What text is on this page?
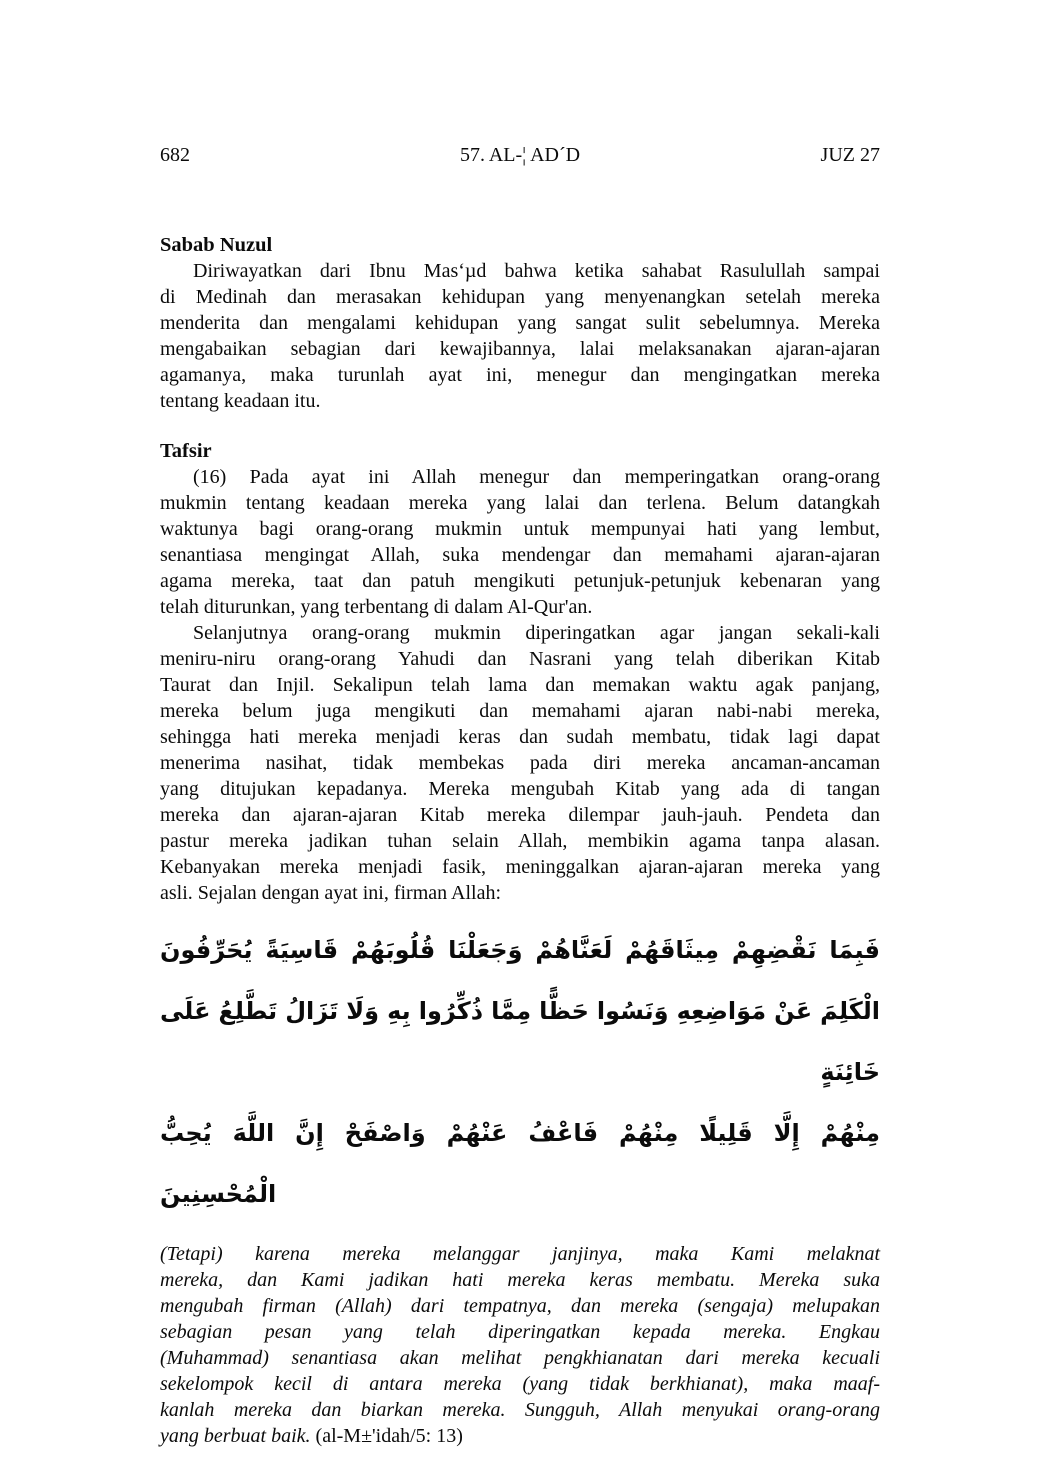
682	57. AL-¦ AD´D	JUZ 27
Sabab Nuzul
Diriwayatkan dari Ibnu Mas‘µd bahwa ketika sahabat Rasulullah sampai
di Medinah dan merasakan kehidupan yang menyenangkan setelah mereka
menderita dan mengalami kehidupan yang sangat sulit sebelumnya. Mereka
mengabaikan sebagian dari kewajibannya, lalai melaksanakan ajaran-ajaran
agamanya, maka turunlah ayat ini, menegur dan mengingatkan mereka
tentang keadaan itu.
Tafsir
(16) Pada ayat ini Allah menegur dan memperingatkan orang-orang
mukmin tentang keadaan mereka yang lalai dan terlena. Belum datangkah
waktunya bagi orang-orang mukmin untuk mempunyai hati yang lembut,
senantiasa mengingat Allah, suka mendengar dan memahami ajaran-ajaran
agama mereka, taat dan patuh mengikuti petunjuk-petunjuk kebenaran yang
telah diturunkan, yang terbentang di dalam Al-Qur'an.
Selanjutnya orang-orang mukmin diperingatkan agar jangan sekali-kali
meniru-niru orang-orang Yahudi dan Nasrani yang telah diberikan Kitab
Taurat dan Injil. Sekalipun telah lama dan memakan waktu agak panjang,
mereka belum juga mengikuti dan memahami ajaran nabi-nabi mereka,
sehingga hati mereka menjadi keras dan sudah membatu, tidak lagi dapat
menerima nasihat, tidak membekas pada diri mereka ancaman-ancaman
yang ditujukan kepadanya. Mereka mengubah Kitab yang ada di tangan
mereka dan ajaran-ajaran Kitab mereka dilempar jauh-jauh. Pendeta dan
pastur mereka jadikan tuhan selain Allah, membikin agama tanpa alasan.
Kebanyakan mereka menjadi fasik, meninggalkan ajaran-ajaran mereka yang
asli. Sejalan dengan ayat ini, firman Allah:
فَبِمَا نَقْضِهِمْ مِيثَاقَهُمْ لَعَنَّاهُمْ وَجَعَلْنَا قُلُوبَهُمْ قَاسِيَةً يُحَرِّفُونَ
الْكَلِمَ عَنْ مَوَاضِعِهِ وَنَسُوا حَظًّا مِمَّا ذُكِّرُوا بِهِ وَلَا تَزَالُ تَطَّلِعُ عَلَى خَائِنَةٍ
مِنْهُمْ إِلَّا قَلِيلًا مِنْهُمْ فَاعْفُ عَنْهُمْ وَاصْفَحْ إِنَّ اللَّهَ يُحِبُّ الْمُحْسِنِينَ
(Tetapi) karena mereka melanggar janjinya, maka Kami melaknat
mereka, dan Kami jadikan hati mereka keras membatu. Mereka suka
mengubah firman (Allah) dari tempatnya, dan mereka (sengaja) melupakan
sebagian pesan yang telah diperingatkan kepada mereka. Engkau
(Muhammad) senantiasa akan melihat pengkhianatan dari mereka kecuali
sekelompok kecil di antara mereka (yang tidak berkhianat), maka maaf-
kanlah mereka dan biarkan mereka. Sungguh, Allah menyukai orang-orang
yang berbuat baik. (al-M±'idah/5: 13)
